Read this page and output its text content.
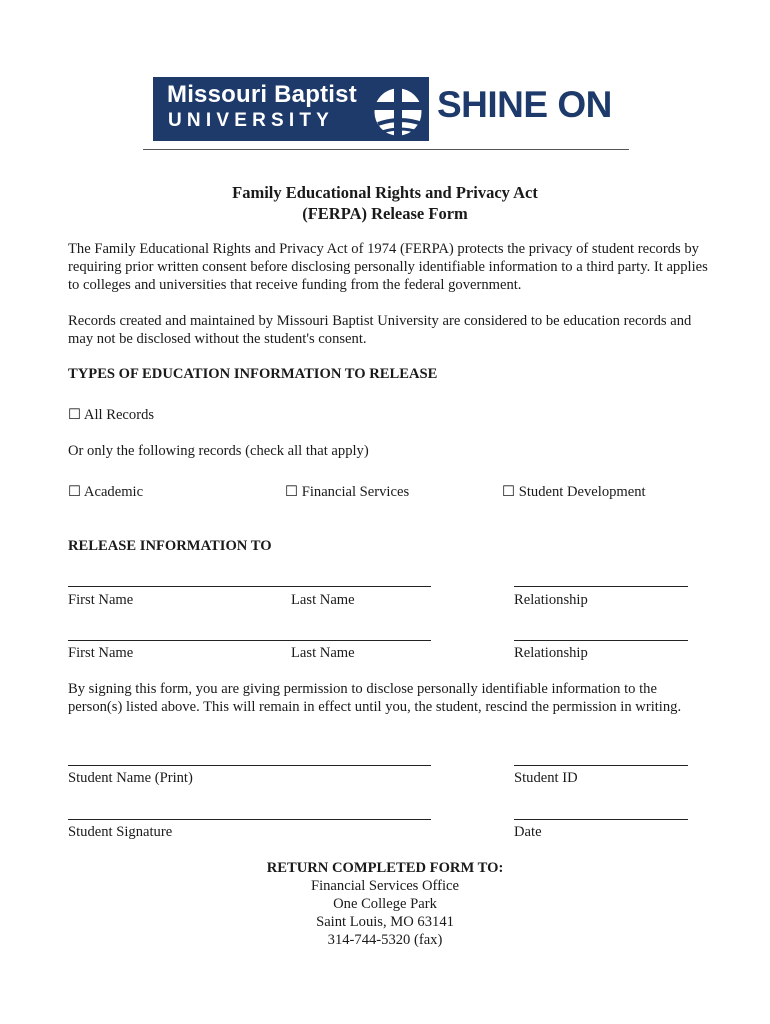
Missouri Baptist
UNIVERSITY	SHINE ON
Family Educational Rights and Privacy Act
(FERPA) Release Form
The Family Educational Rights and Privacy Act of 1974 (FERPA) protects the privacy of student records by requiring prior written consent before disclosing personally identifiable information to a third party. It applies to colleges and universities that receive funding from the federal government.
Records created and maintained by Missouri Baptist University are considered to be education records and may not be disclosed without the student's consent.
TYPES OF EDUCATION INFORMATION TO RELEASE
☐ All Records
Or only the following records (check all that apply)
☐ Academic	☐ Financial Services	☐ Student Development
RELEASE INFORMATION TO
First Name	Last Name	Relationship
First Name	Last Name	Relationship
By signing this form, you are giving permission to disclose personally identifiable information to the person(s) listed above. This will remain in effect until you, the student, rescind the permission in writing.
Student Name (Print)	Student ID
Student Signature	Date
RETURN COMPLETED FORM TO:
Financial Services Office
One College Park
Saint Louis, MO 63141
314-744-5320 (fax)
